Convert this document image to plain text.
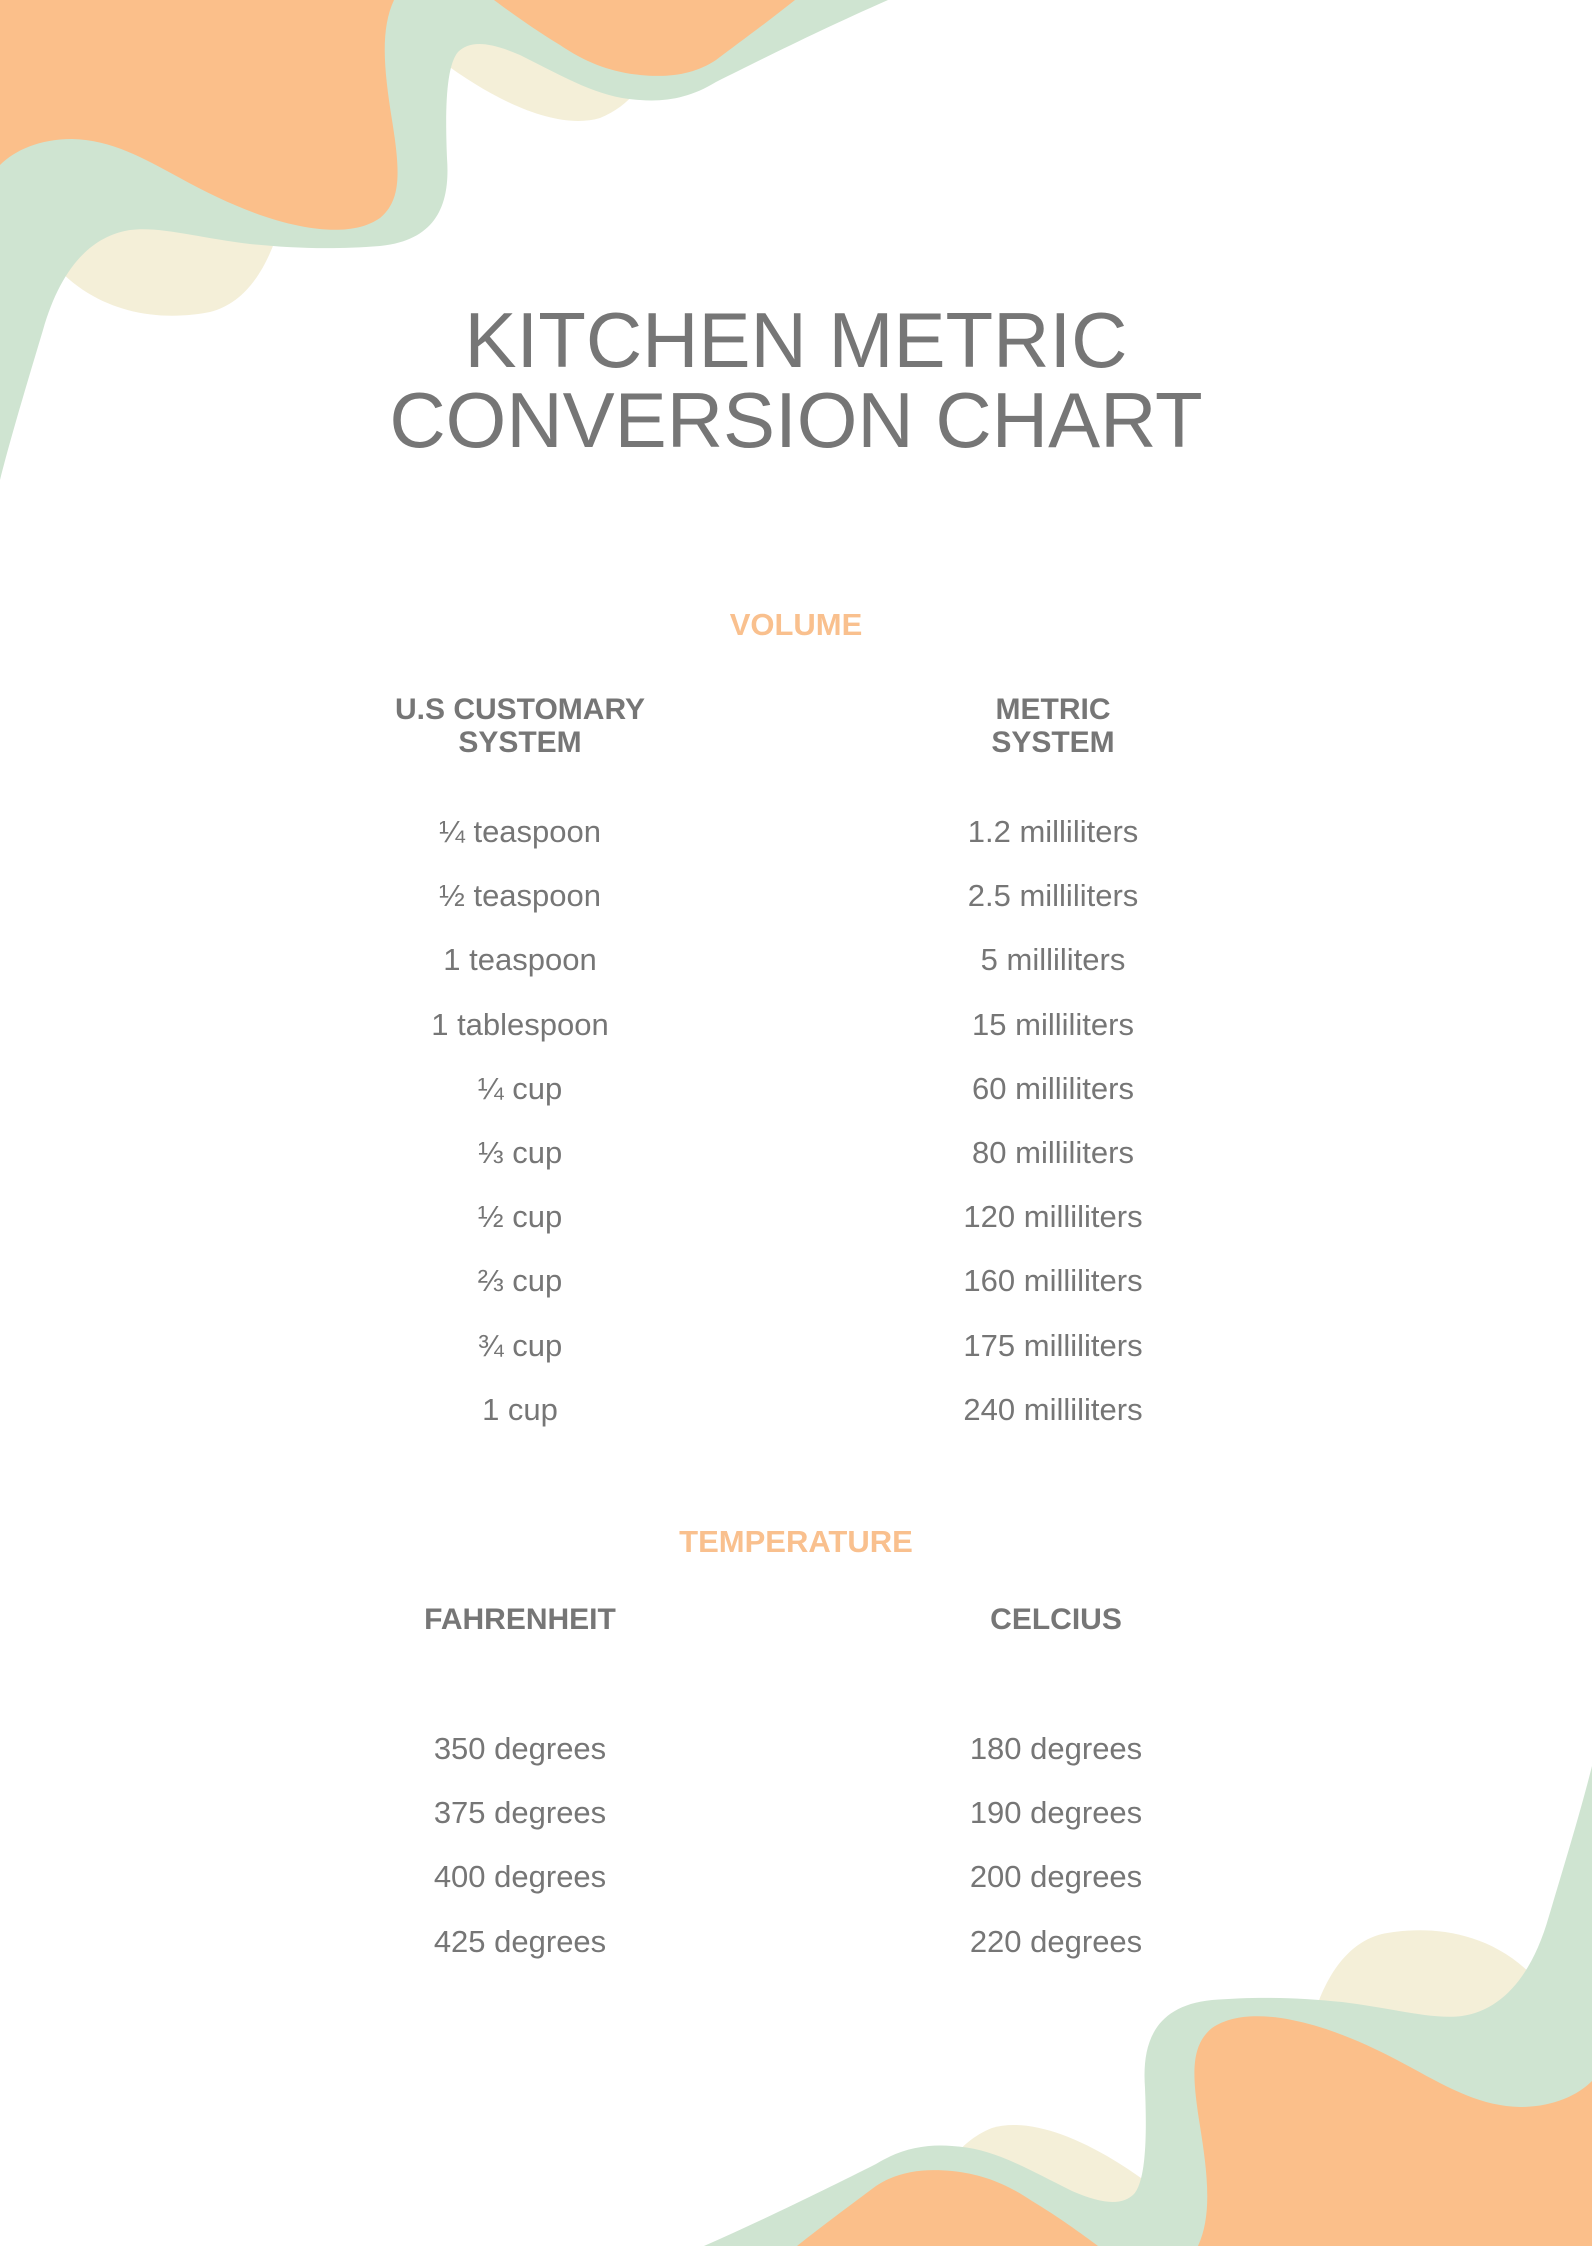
KITCHEN METRIC
CONVERSION CHART
VOLUME
U.S CUSTOMARY
SYSTEM
METRIC
SYSTEM
¼ teaspoon	1.2 milliliters
½ teaspoon	2.5 milliliters
1 teaspoon	5 milliliters
1 tablespoon	15 milliliters
¼ cup	60 milliliters
⅓ cup	80 milliliters
½ cup	120 milliliters
⅔ cup	160 milliliters
¾ cup	175 milliliters
1 cup	240 milliliters
TEMPERATURE
FAHRENHEIT	CELCIUS
350 degrees	180 degrees
375 degrees	190 degrees
400 degrees	200 degrees
425 degrees	220 degrees
